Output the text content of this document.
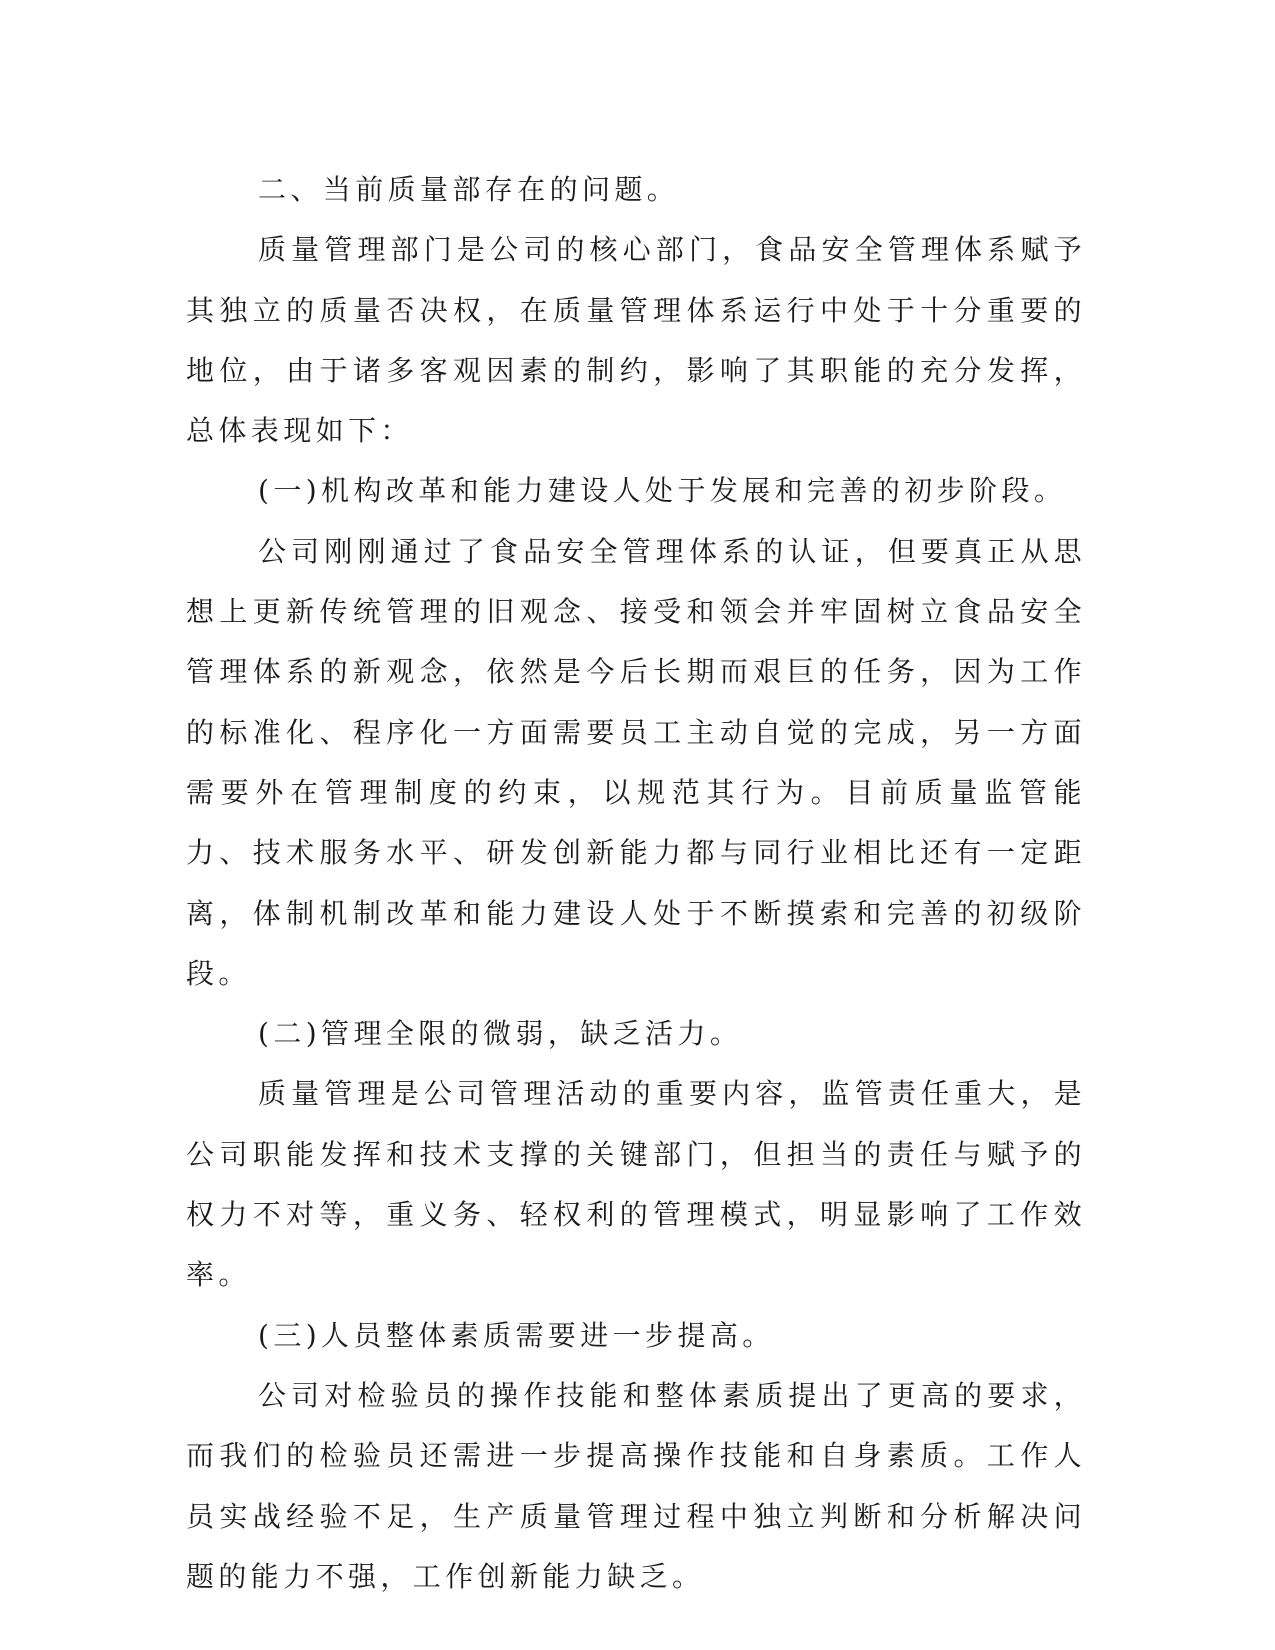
二、当前质量部存在的问题。

质量管理部门是公司的核心部门，食品安全管理体系赋予其独立的质量否决权，在质量管理体系运行中处于十分重要的地位，由于诸多客观因素的制约，影响了其职能的充分发挥，总体表现如下：

(一)机构改革和能力建设人处于发展和完善的初步阶段。

公司刚刚通过了食品安全管理体系的认证，但要真正从思想上更新传统管理的旧观念、接受和领会并牢固树立食品安全管理体系的新观念，依然是今后长期而艰巨的任务，因为工作的标准化、程序化一方面需要员工主动自觉的完成，另一方面需要外在管理制度的约束，以规范其行为。目前质量监管能力、技术服务水平、研发创新能力都与同行业相比还有一定距离，体制机制改革和能力建设人处于不断摸索和完善的初级阶段。

(二)管理全限的微弱，缺乏活力。

质量管理是公司管理活动的重要内容，监管责任重大，是公司职能发挥和技术支撑的关键部门，但担当的责任与赋予的权力不对等，重义务、轻权利的管理模式，明显影响了工作效率。

(三)人员整体素质需要进一步提高。

公司对检验员的操作技能和整体素质提出了更高的要求，而我们的检验员还需进一步提高操作技能和自身素质。工作人员实战经验不足，生产质量管理过程中独立判断和分析解决问题的能力不强，工作创新能力缺乏。
